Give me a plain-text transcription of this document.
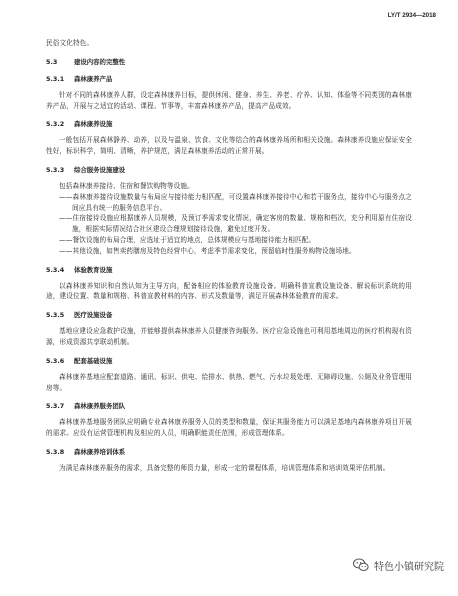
LY/T 2934—2018

民俗文化特色。

5.3	建设内容的完整性
5.3.1 森林康养产品

针对不同的森林康养人群，设定森林康养目标，提供休闲、健身、养生、养老、疗养、认知、体验等不同类别的森林康养产品，开展与之适宜的活动、课程、节事等，丰富森林康养产品，提高产品成效。

5.3.2 森林康养设施

一般包括开展森林静养、动养，以及与温泉、饮食、文化等结合的森林康养场所和相关设施。森林康养设施应保证安全性好，标识科学，简明、清晰，养护规范，满足森林康养活动的正常开展。

5.3.3 综合服务设施建设

包括森林康养接待、住宿和餐饮购物等设施。

——森林康养接待设施数量与布局应与接待能力相匹配，可设置森林康养接待中心和若干服务点，接待中心与服务点之间应具有统一的服务信息平台。

——住宿接待设施应根据康养人员规模，及预订季需求变化情况，确定客房的数量、规格和档次，充分利用原有住宿设施，根据实际情况结合社区建设合理规划接待设施，避免过度开发。

——餐饮设施的布局合理，应选址于适宜的地点，总体规模应与基地接待能力相匹配。

——其他设施，如售卖药膳房及特色经营中心，考虑季节需求变化，预留临时性服务购物设施场地。

5.3.4 体验教育设施

以森林康养知识和自然认知为主导方向，配备相应的体验教育设施设备。明确科普宣教设施设备、解说标识系统的用途，建设位置、数量和规格、科普宣教材料的内容、形式及数量等，满足开展森林体验教育的需求。

5.3.5 医疗设施设备

基地应建设应急救护设施，并能够提供森林康养人员健康咨询服务。医疗应急设施也可利用基地周边的医疗机构现有资源，形成资源共享联动机制。

5.3.6 配套基础设施

森林康养基地应配套道路、通讯、标识、供电、给排水、供热、燃气、污水垃圾处理、无障碍设施、公厕及业务管理用房等。

5.3.7 森林康养服务团队

森林康养基地服务团队应明确专业森林康养服务人员的类型和数量，保证其服务能力可以满足基地内森林康养项目开展的需求。应设有运营管理机构及相应的人员，明确职能责任范围，形成管理体系。

5.3.8 森林康养培训体系

为满足森林康养服务的需求，具备完整的师资力量，形成一定的课程体系，培训管理体系和培训效果评估机制。

特色小镇研究院
